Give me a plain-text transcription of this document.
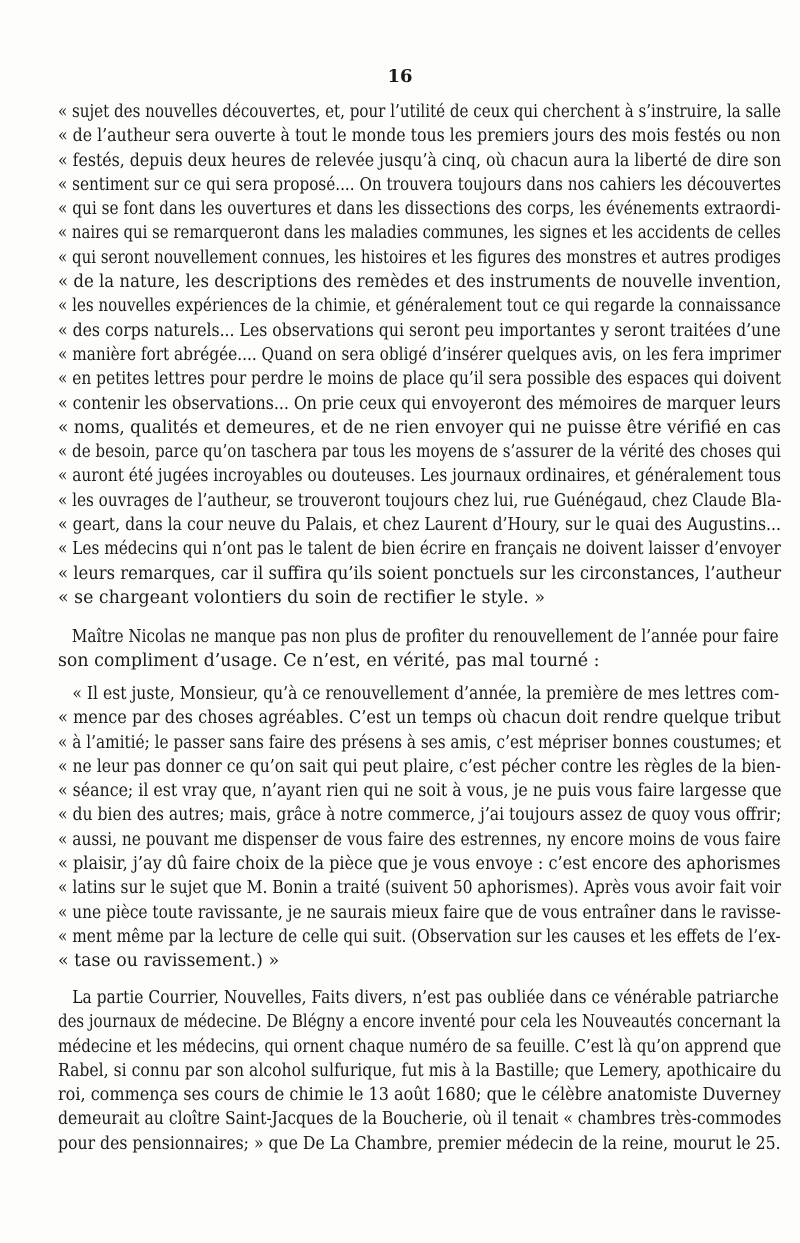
16
« sujet des nouvelles découvertes, et, pour l’utilité de ceux qui cherchent à s’instruire, la salle
« de l’autheur sera ouverte à tout le monde tous les premiers jours des mois festés ou non
« festés, depuis deux heures de relevée jusqu’à cinq, où chacun aura la liberté de dire son
« sentiment sur ce qui sera proposé.... On trouvera toujours dans nos cahiers les découvertes
« qui se font dans les ouvertures et dans les dissections des corps, les événements extraordi-
« naires qui se remarqueront dans les maladies communes, les signes et les accidents de celles
« qui seront nouvellement connues, les histoires et les figures des monstres et autres prodiges
« de la nature, les descriptions des remèdes et des instruments de nouvelle invention,
« les nouvelles expériences de la chimie, et généralement tout ce qui regarde la connaissance
« des corps naturels... Les observations qui seront peu importantes y seront traitées d’une
« manière fort abrégée.... Quand on sera obligé d’insérer quelques avis, on les fera imprimer
« en petites lettres pour perdre le moins de place qu’il sera possible des espaces qui doivent
« contenir les observations... On prie ceux qui envoyeront des mémoires de marquer leurs
« noms, qualités et demeures, et de ne rien envoyer qui ne puisse être vérifié en cas
« de besoin, parce qu’on taschera par tous les moyens de s’assurer de la vérité des choses qui
« auront été jugées incroyables ou douteuses. Les journaux ordinaires, et généralement tous
« les ouvrages de l’autheur, se trouveront toujours chez lui, rue Guénégaud, chez Claude Bla-
« geart, dans la cour neuve du Palais, et chez Laurent d’Houry, sur le quai des Augustins...
« Les médecins qui n’ont pas le talent de bien écrire en français ne doivent laisser d’envoyer
« leurs remarques, car il suffira qu’ils soient ponctuels sur les circonstances, l’autheur
« se chargeant volontiers du soin de rectifier le style. »
Maître Nicolas ne manque pas non plus de profiter du renouvellement de l’année pour faire
son compliment d’usage. Ce n’est, en vérité, pas mal tourné :
« Il est juste, Monsieur, qu’à ce renouvellement d’année, la première de mes lettres com-
« mence par des choses agréables. C’est un temps où chacun doit rendre quelque tribut
« à l’amitié; le passer sans faire des présens à ses amis, c’est mépriser bonnes coustumes; et
« ne leur pas donner ce qu’on sait qui peut plaire, c’est pécher contre les règles de la bien-
« séance; il est vray que, n’ayant rien qui ne soit à vous, je ne puis vous faire largesse que
« du bien des autres; mais, grâce à notre commerce, j’ai toujours assez de quoy vous offrir;
« aussi, ne pouvant me dispenser de vous faire des estrennes, ny encore moins de vous faire
« plaisir, j’ay dû faire choix de la pièce que je vous envoye : c’est encore des aphorismes
« latins sur le sujet que M. Bonin a traité (suivent 50 aphorismes). Après vous avoir fait voir
« une pièce toute ravissante, je ne saurais mieux faire que de vous entraîner dans le ravisse-
« ment même par la lecture de celle qui suit. (Observation sur les causes et les effets de l’ex-
« tase ou ravissement.) »
La partie Courrier, Nouvelles, Faits divers, n’est pas oubliée dans ce vénérable patriarche
des journaux de médecine. De Blégny a encore inventé pour cela les Nouveautés concernant la
médecine et les médecins, qui ornent chaque numéro de sa feuille. C’est là qu’on apprend que
Rabel, si connu par son alcohol sulfurique, fut mis à la Bastille; que Lemery, apothicaire du
roi, commença ses cours de chimie le 13 août 1680; que le célèbre anatomiste Duverney
demeurait au cloître Saint-Jacques de la Boucherie, où il tenait « chambres très-commodes
pour des pensionnaires; » que De La Chambre, premier médecin de la reine, mourut le 25.
